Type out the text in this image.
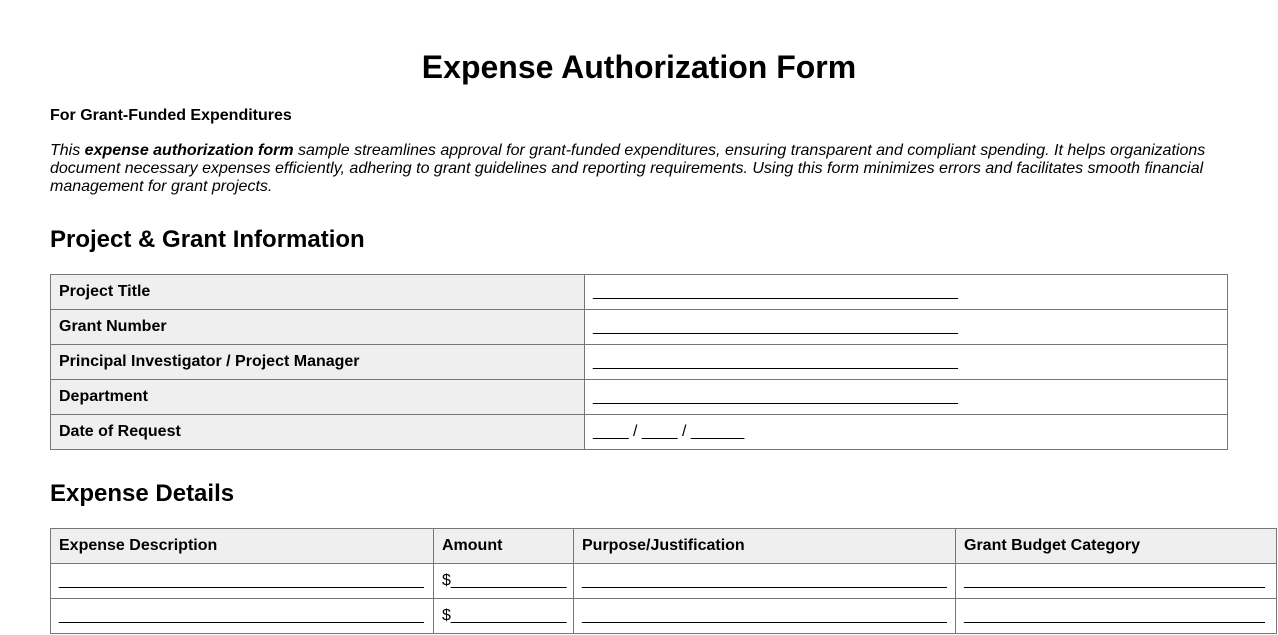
Expense Authorization Form
For Grant-Funded Expenditures

This expense authorization form sample streamlines approval for grant-funded expenditures, ensuring transparent and compliant spending. It helps organizations document necessary expenses efficiently, adhering to grant guidelines and reporting requirements. Using this form minimizes errors and facilitates smooth financial management for grant projects.

Project & Grant Information
Project Title	_________________________________________
Grant Number	_________________________________________
Principal Investigator / Project Manager	_________________________________________
Department	_________________________________________
Date of Request	____ / ____ / ______
Expense Details
Expense Description	Amount	Purpose/Justification	Grant Budget Category
_________________________________________	$_____________	_________________________________________	_________________________________________
_________________________________________	$_____________	_________________________________________	_________________________________________
